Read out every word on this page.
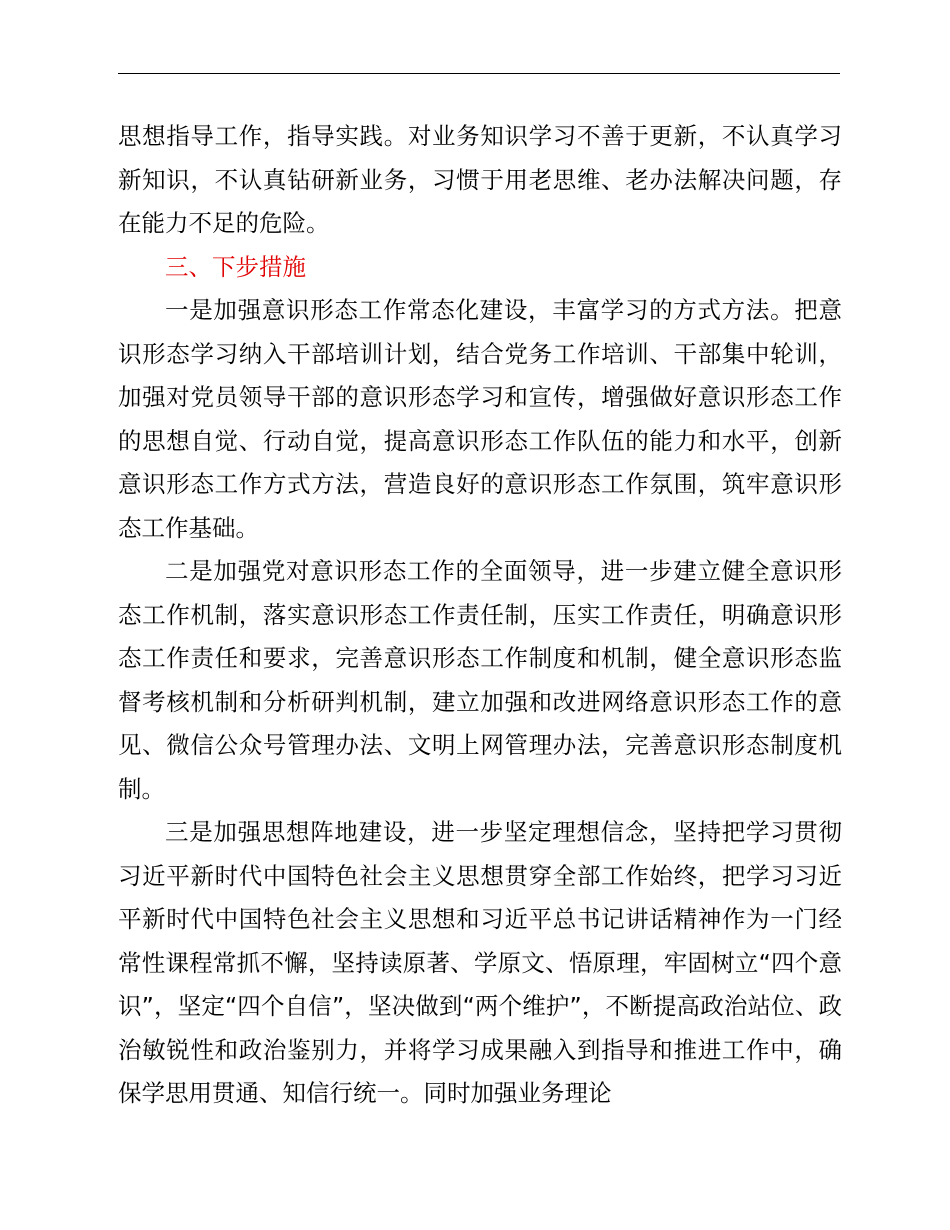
思想指导工作，指导实践。对业务知识学习不善于更新，不认真学习新知识，不认真钻研新业务，习惯于用老思维、老办法解决问题，存在能力不足的危险。

三、下步措施

一是加强意识形态工作常态化建设，丰富学习的方式方法。把意识形态学习纳入干部培训计划，结合党务工作培训、干部集中轮训，加强对党员领导干部的意识形态学习和宣传，增强做好意识形态工作的思想自觉、行动自觉，提高意识形态工作队伍的能力和水平，创新意识形态工作方式方法，营造良好的意识形态工作氛围，筑牢意识形态工作基础。

二是加强党对意识形态工作的全面领导，进一步建立健全意识形态工作机制，落实意识形态工作责任制，压实工作责任，明确意识形态工作责任和要求，完善意识形态工作制度和机制，健全意识形态监督考核机制和分析研判机制，建立加强和改进网络意识形态工作的意见、微信公众号管理办法、文明上网管理办法，完善意识形态制度机制。

三是加强思想阵地建设，进一步坚定理想信念，坚持把学习贯彻习近平新时代中国特色社会主义思想贯穿全部工作始终，把学习习近平新时代中国特色社会主义思想和习近平总书记讲话精神作为一门经常性课程常抓不懈，坚持读原著、学原文、悟原理，牢固树立“四个意识”，坚定“四个自信”，坚决做到“两个维护”，不断提高政治站位、政治敏锐性和政治鉴别力，并将学习成果融入到指导和推进工作中，确保学思用贯通、知信行统一。同时加强业务理论
